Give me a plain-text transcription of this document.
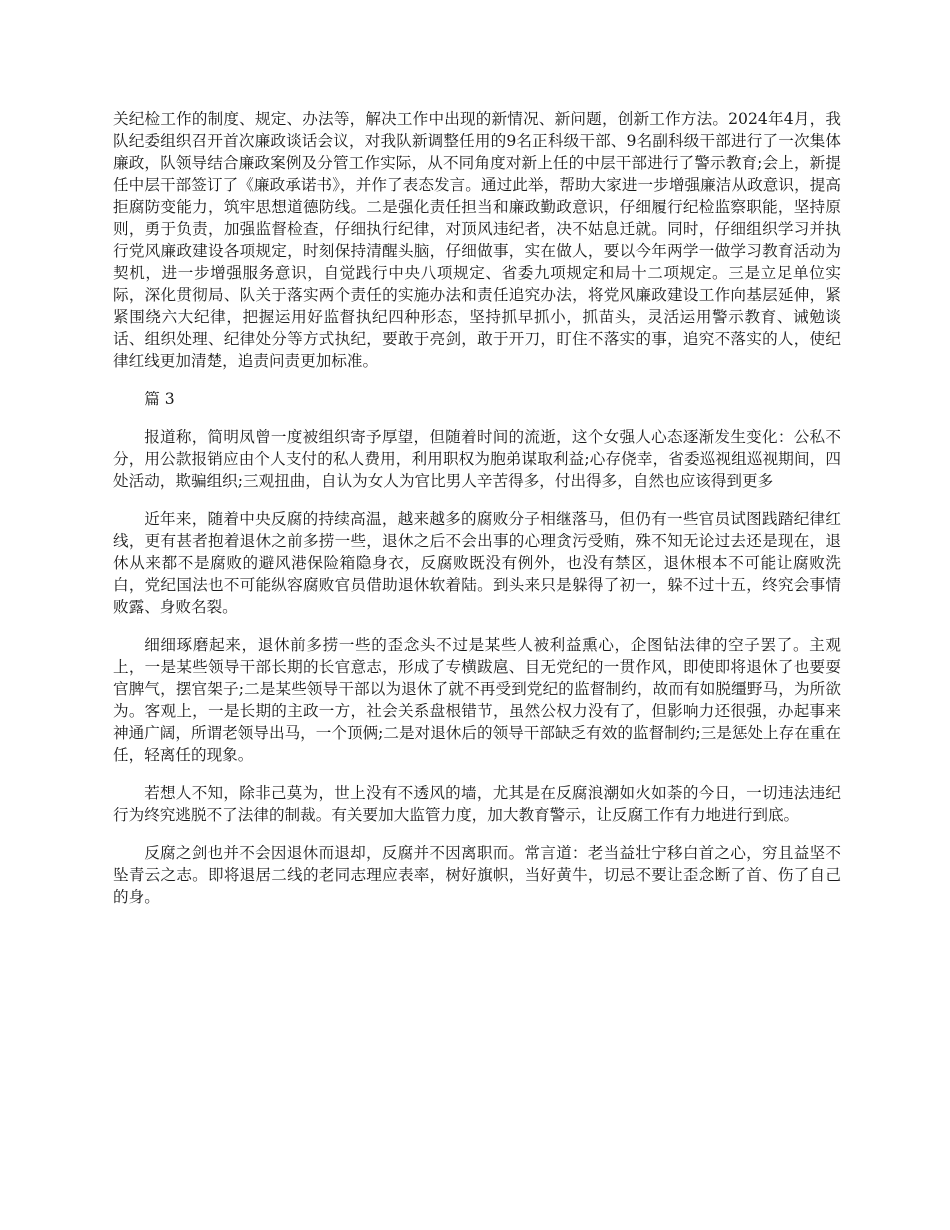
关纪检工作的制度、规定、办法等，解决工作中出现的新情况、新问题，创新工作方法。2024年4月，我队纪委组织召开首次廉政谈话会议，对我队新调整任用的9名正科级干部、9名副科级干部进行了一次集体廉政，队领导结合廉政案例及分管工作实际，从不同角度对新上任的中层干部进行了警示教育;会上，新提任中层干部签订了《廉政承诺书》，并作了表态发言。通过此举，帮助大家进一步增强廉洁从政意识，提高拒腐防变能力，筑牢思想道德防线。二是强化责任担当和廉政勤政意识，仔细履行纪检监察职能，坚持原则，勇于负责，加强监督检查，仔细执行纪律，对顶风违纪者，决不姑息迁就。同时，仔细组织学习并执行党风廉政建设各项规定，时刻保持清醒头脑，仔细做事，实在做人，要以今年两学一做学习教育活动为契机，进一步增强服务意识，自觉践行中央八项规定、省委九项规定和局十二项规定。三是立足单位实际，深化贯彻局、队关于落实两个责任的实施办法和责任追究办法，将党风廉政建设工作向基层延伸，紧紧围绕六大纪律，把握运用好监督执纪四种形态，坚持抓早抓小，抓苗头，灵活运用警示教育、诫勉谈话、组织处理、纪律处分等方式执纪，要敢于亮剑，敢于开刀，盯住不落实的事，追究不落实的人，使纪律红线更加清楚，追责问责更加标准。

篇 3

报道称，简明凤曾一度被组织寄予厚望，但随着时间的流逝，这个女强人心态逐渐发生变化：公私不分，用公款报销应由个人支付的私人费用，利用职权为胞弟谋取利益;心存侥幸，省委巡视组巡视期间，四处活动，欺骗组织;三观扭曲，自认为女人为官比男人辛苦得多，付出得多，自然也应该得到更多

近年来，随着中央反腐的持续高温，越来越多的腐败分子相继落马，但仍有一些官员试图践踏纪律红线，更有甚者抱着退休之前多捞一些，退休之后不会出事的心理贪污受贿，殊不知无论过去还是现在，退休从来都不是腐败的避风港保险箱隐身衣，反腐败既没有例外，也没有禁区，退休根本不可能让腐败洗白，党纪国法也不可能纵容腐败官员借助退休软着陆。到头来只是躲得了初一，躲不过十五，终究会事情败露、身败名裂。

细细琢磨起来，退休前多捞一些的歪念头不过是某些人被利益熏心，企图钻法律的空子罢了。主观上，一是某些领导干部长期的长官意志，形成了专横跋扈、目无党纪的一贯作风，即使即将退休了也要耍官脾气，摆官架子;二是某些领导干部以为退休了就不再受到党纪的监督制约，故而有如脱缰野马，为所欲为。客观上，一是长期的主政一方，社会关系盘根错节，虽然公权力没有了，但影响力还很强，办起事来神通广阔，所谓老领导出马，一个顶俩;二是对退休后的领导干部缺乏有效的监督制约;三是惩处上存在重在任，轻离任的现象。

若想人不知，除非己莫为，世上没有不透风的墙，尤其是在反腐浪潮如火如荼的今日，一切违法违纪行为终究逃脱不了法律的制裁。有关要加大监管力度，加大教育警示，让反腐工作有力地进行到底。

反腐之剑也并不会因退休而退却，反腐并不因离职而。常言道：老当益壮宁移白首之心，穷且益坚不坠青云之志。即将退居二线的老同志理应表率，树好旗帜，当好黄牛，切忌不要让歪念断了首、伤了自己的身。
